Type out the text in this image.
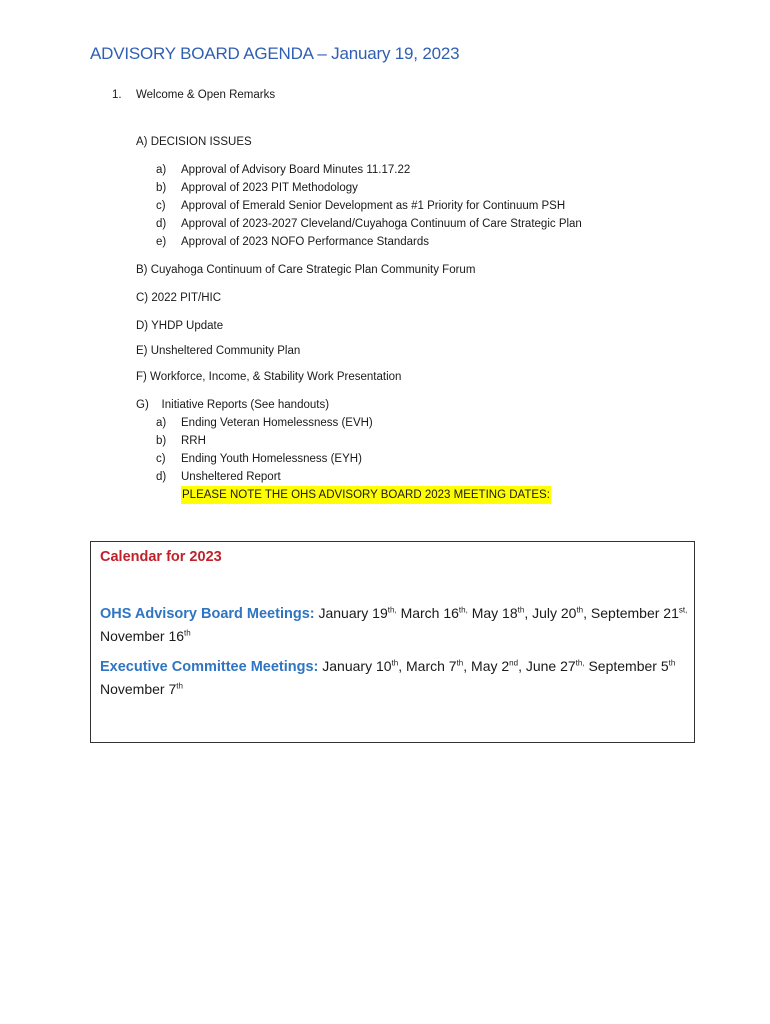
ADVISORY BOARD AGENDA – January 19, 2023
1. Welcome & Open Remarks
A) DECISION ISSUES
a)	Approval of Advisory Board Minutes 11.17.22
b)	Approval of 2023 PIT Methodology
c)	Approval of Emerald Senior Development as #1 Priority for Continuum PSH
d)	Approval of 2023-2027 Cleveland/Cuyahoga Continuum of Care Strategic Plan
e)	Approval of 2023 NOFO Performance Standards
B) Cuyahoga Continuum of Care Strategic Plan Community Forum
C) 2022 PIT/HIC
D) YHDP Update
E) Unsheltered Community Plan
F) Workforce, Income, & Stability Work Presentation
G)    Initiative Reports (See handouts)
a)	Ending Veteran Homelessness (EVH)
b)	RRH
c)	Ending Youth Homelessness (EYH)
d)	Unsheltered Report
PLEASE NOTE THE OHS ADVISORY BOARD 2023 MEETING DATES:
Calendar for 2023
OHS Advisory Board Meetings: January $19^{th,}$ March $16^{th,}$ May 18th, July 20th, September $21^{st,}$ November 16th
Executive Committee Meetings: January 10th, March 7th, May 2nd, June $27^{th,}$ September 5th November 7th
